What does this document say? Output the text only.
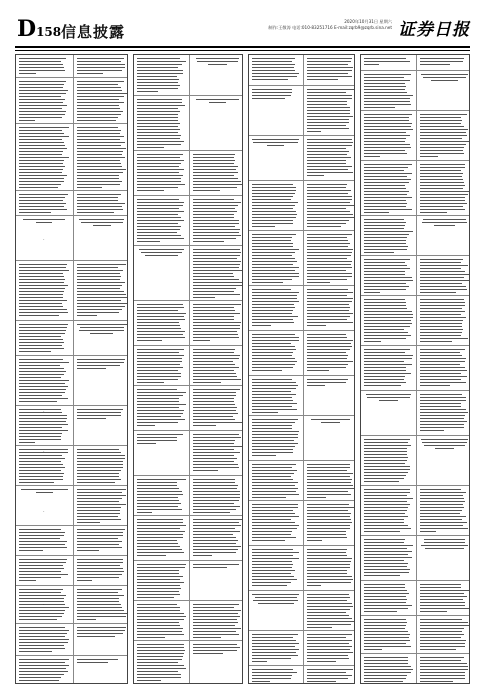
D158 信息披露
2020年10月31日 星期六
制作:王敬涛 电话:010-83251716 E-mail:zqrb9@zqrb.sina.net 证券日报
-
-
-
-
-
